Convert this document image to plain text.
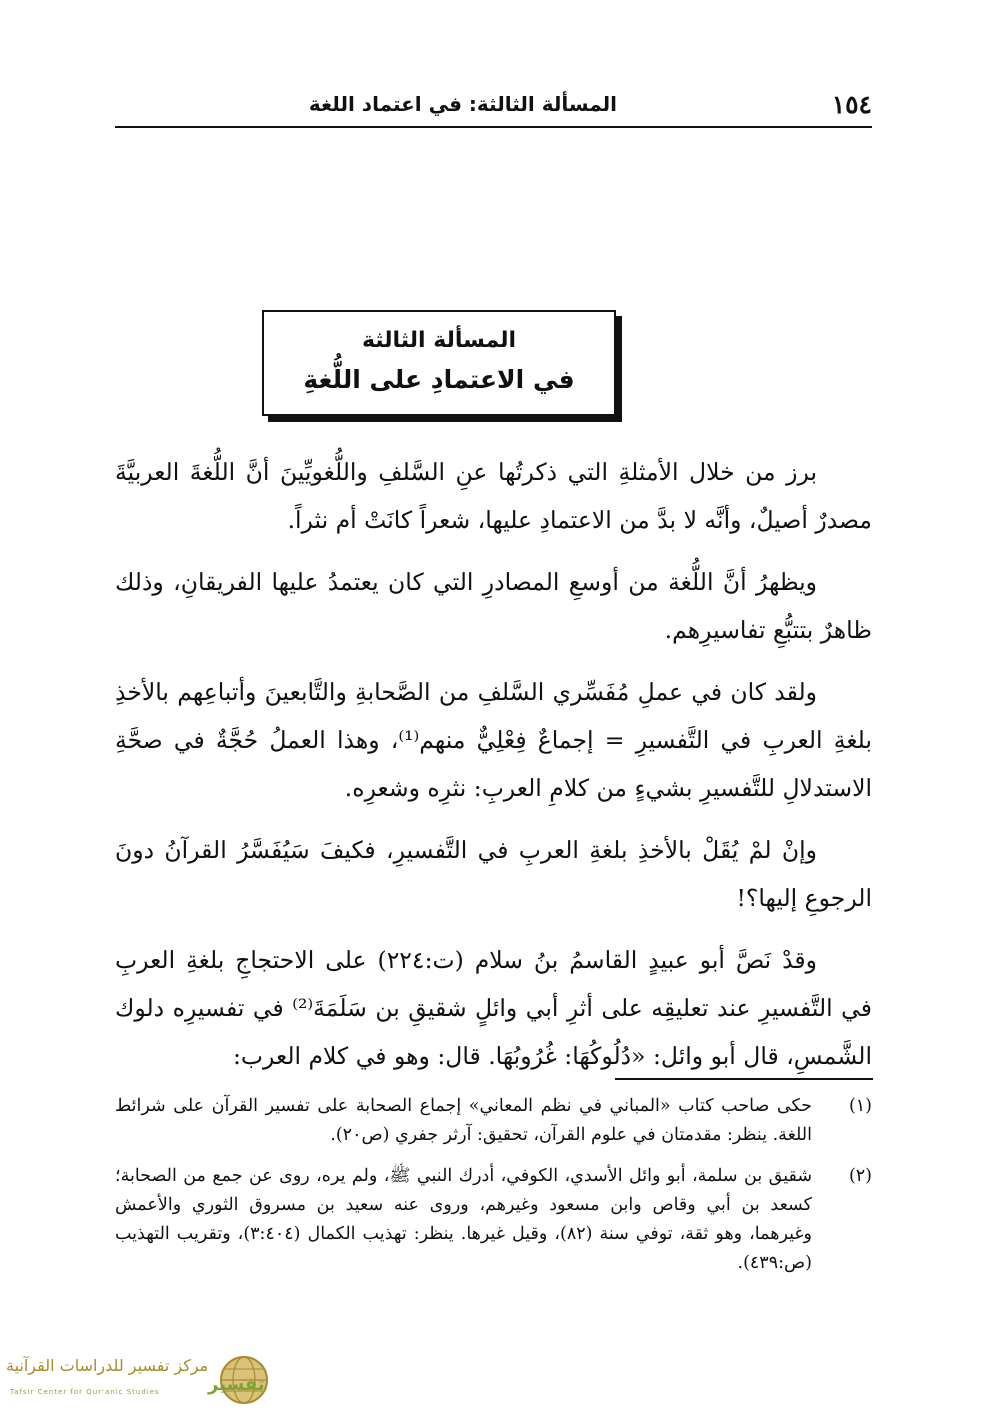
١٥٤
المسألة الثالثة: في اعتماد اللغة
المسألة الثالثة
في الاعتمادِ على اللُّغةِ

برز من خلال الأمثلةِ التي ذكرتُها عنِ السَّلفِ واللُّغويِّينَ أنَّ اللُّغةَ العربيَّةَ مصدرٌ أصيلٌ، وأنَّه لا بدَّ من الاعتمادِ عليها، شعراً كانَتْ أم نثراً.

ويظهرُ أنَّ اللُّغة من أوسعِ المصادرِ التي كان يعتمدُ عليها الفريقانِ، وذلك ظاهرٌ بتتبُّعِ تفاسيرِهم.

ولقد كان في عملِ مُفَسِّري السَّلفِ من الصَّحابةِ والتَّابعينَ وأتباعِهم بالأخذِ بلغةِ العربِ في التَّفسيرِ = إجماعٌ فِعْلِيٌّ منهم⁽¹⁾، وهذا العملُ حُجَّةٌ في صحَّةِ الاستدلالِ للتَّفسيرِ بشيءٍ من كلامِ العربِ: نثرِه وشعرِه.

وإنْ لمْ يُقَلْ بالأخذِ بلغةِ العربِ في التَّفسيرِ، فكيفَ سَيُفَسَّرُ القرآنُ دونَ الرجوعِ إليها؟!

وقدْ نَصَّ أبو عبيدٍ القاسمُ بنُ سلام (ت:٢٢٤) على الاحتجاجِ بلغةِ العربِ في التَّفسيرِ عند تعليقِه على أثرِ أبي وائلٍ شقيقِ بن سَلَمَةَ⁽²⁾ في تفسيرِه دلوك الشَّمسِ، قال أبو وائل: «دُلُوكُهَا: غُرُوبُهَا. قال: وهو في كلام العرب:

(١)
حكى صاحب كتاب «المباني في نظم المعاني» إجماع الصحابة على تفسير القرآن على شرائط اللغة. ينظر: مقدمتان في علوم القرآن، تحقيق: آرثر جفري (ص٢٠).
(٢)
شقيق بن سلمة، أبو وائل الأسدي، الكوفي، أدرك النبي ﷺ، ولم يره، روى عن جمع من الصحابة؛ كسعد بن أبي وقاص وابن مسعود وغيرهم، وروى عنه سعيد بن مسروق الثوري والأعمش وغيرهما، وهو ثقة، توفي سنة (٨٢)، وقيل غيرها. ينظر: تهذيب الكمال (٣:٤٠٤)، وتقريب التهذيب (ص:٤٣٩).
مركز تفسير للدراسات القرآنية
Tafsir Center for Qur'anic Studies	تفسير
